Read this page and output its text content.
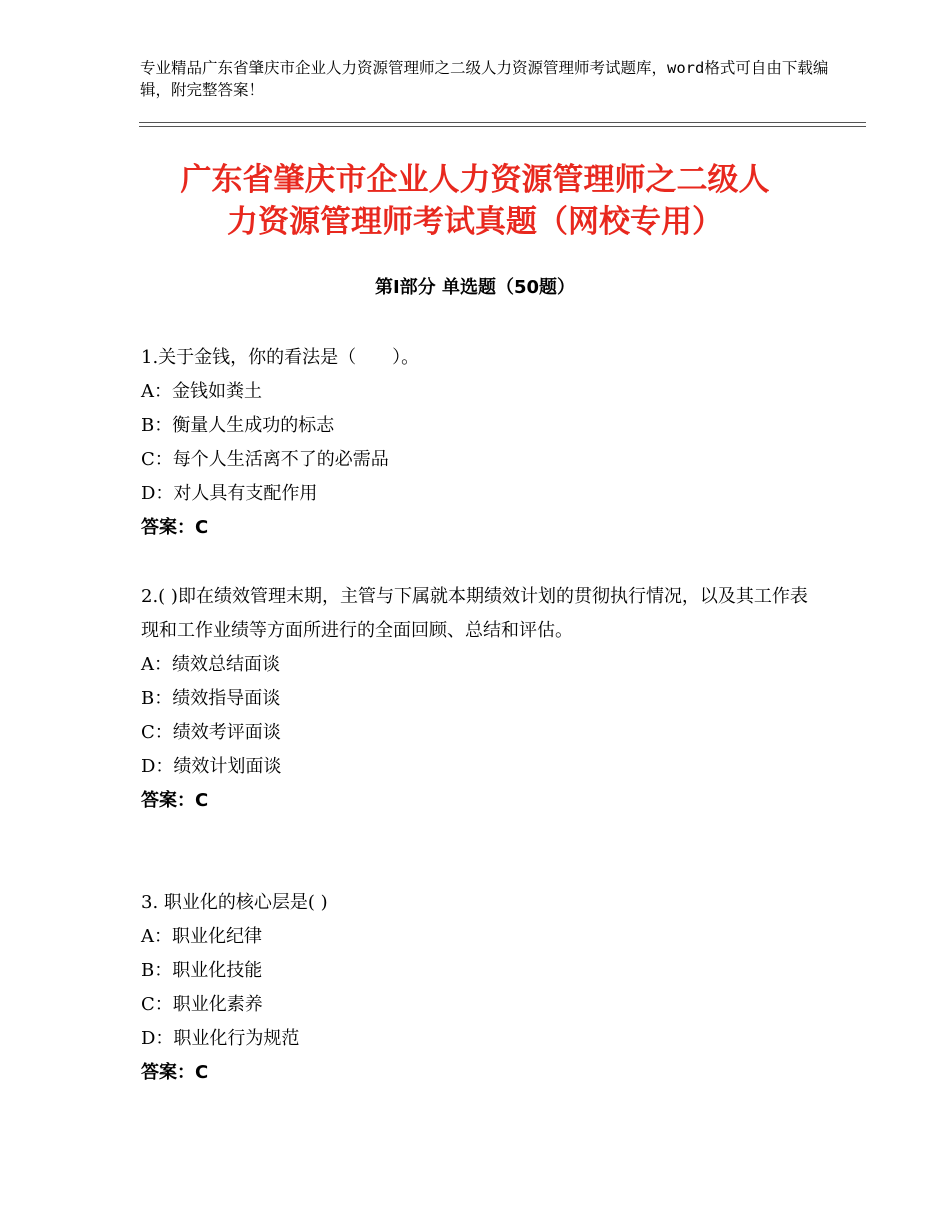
专业精品广东省肇庆市企业人力资源管理师之二级人力资源管理师考试题库，word格式可自由下载编辑，附完整答案！
广东省肇庆市企业人力资源管理师之二级人
力资源管理师考试真题（网校专用）
第Ⅰ部分 单选题（50题）
1.关于金钱，你的看法是（　　）。
A：金钱如粪土
B：衡量人生成功的标志
C：每个人生活离不了的必需品
D：对人具有支配作用
答案：C
2.( )即在绩效管理末期，主管与下属就本期绩效计划的贯彻执行情况，以及其工作表现和工作业绩等方面所进行的全面回顾、总结和评估。
A：绩效总结面谈
B：绩效指导面谈
C：绩效考评面谈
D：绩效计划面谈
答案：C
3. 职业化的核心层是( )
A：职业化纪律
B：职业化技能
C：职业化素养
D：职业化行为规范
答案：C
